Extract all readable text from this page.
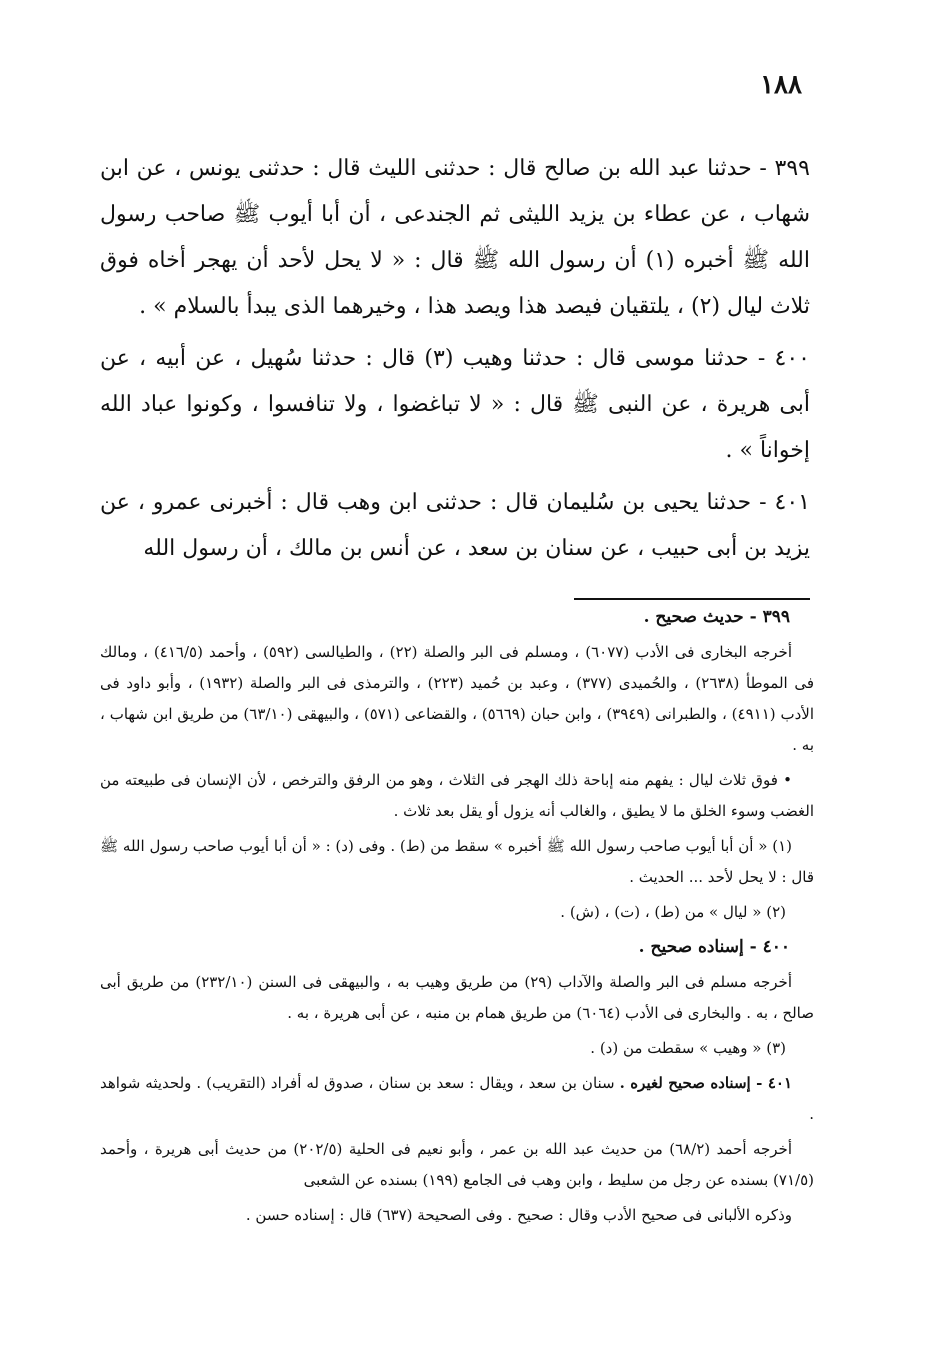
١٨٨

٣٩٩ - حدثنا عبد الله بن صالح قال : حدثنى الليث قال : حدثنى يونس ، عن ابن شهاب ، عن عطاء بن يزيد الليثى ثم الجندعى ، أن أبا أيوب ﷺ صاحب رسول الله ﷺ أخبره (١) أن رسول الله ﷺ قال : « لا يحل لأحد أن يهجر أخاه فوق ثلاث ليال (٢) ، يلتقيان فيصد هذا ويصد هذا ، وخيرهما الذى يبدأ بالسلام » .

٤٠٠ - حدثنا موسى قال : حدثنا وهيب (٣) قال : حدثنا سُهيل ، عن أبيه ، عن أبى هريرة ، عن النبى ﷺ قال : « لا تباغضوا ، ولا تنافسوا ، وكونوا عباد الله إخواناً » .

٤٠١ - حدثنا يحيى بن سُليمان قال : حدثنى ابن وهب قال : أخبرنى عمرو ، عن يزيد بن أبى حبيب ، عن سنان بن سعد ، عن أنس بن مالك ، أن رسول الله

٣٩٩ - حديث صحيح .

أخرجه البخارى فى الأدب (٦٠٧٧) ، ومسلم فى البر والصلة (٢٢) ، والطيالسى (٥٩٢) ، وأحمد (٤١٦/٥) ، ومالك فى الموطأ (٢٦٣٨) ، والحُميدى (٣٧٧) ، وعبد بن حُميد (٢٢٣) ، والترمذى فى البر والصلة (١٩٣٢) ، وأبو داود فى الأدب (٤٩١١) ، والطبرانى (٣٩٤٩) ، وابن حبان (٥٦٦٩) ، والقضاعى (٥٧١) ، والبيهقى (٦٣/١٠) من طريق ابن شهاب ، به .

• فوق ثلاث ليال : يفهم منه إباحة ذلك الهجر فى الثلاث ، وهو من الرفق والترخص ، لأن الإنسان فى طبيعته من الغضب وسوء الخلق ما لا يطيق ، والغالب أنه يزول أو يقل بعد ثلاث .

(١) « أن أبا أيوب صاحب رسول الله ﷺ أخبره » سقط من (ط) . وفى (د) : « أن أبا أيوب صاحب رسول الله ﷺ قال : لا يحل لأحد ... الحديث .

(٢) « ليال » من (ط) ، (ت) ، (ش) .

٤٠٠ - إسناده صحيح .

أخرجه مسلم فى البر والصلة والآداب (٢٩) من طريق وهيب به ، والبيهقى فى السنن (٢٣٢/١٠) من طريق أبى صالح ، به . والبخارى فى الأدب (٦٠٦٤) من طريق همام بن منبه ، عن أبى هريرة ، به .

(٣) « وهيب » سقطت من (د) .

٤٠١ - إسناده صحيح لغيره . سنان بن سعد ، ويقال : سعد بن سنان ، صدوق له أفراد (التقريب) . ولحديثه شواهد .

أخرجه أحمد (٦٨/٢) من حديث عبد الله بن عمر ، وأبو نعيم فى الحلية (٢٠٢/٥) من حديث أبى هريرة ، وأحمد (٧١/٥) بسنده عن رجل من سليط ، وابن وهب فى الجامع (١٩٩) بسنده عن الشعبى

وذكره الألبانى فى صحيح الأدب وقال : صحيح . وفى الصحيحة (٦٣٧) قال : إسناده حسن .
